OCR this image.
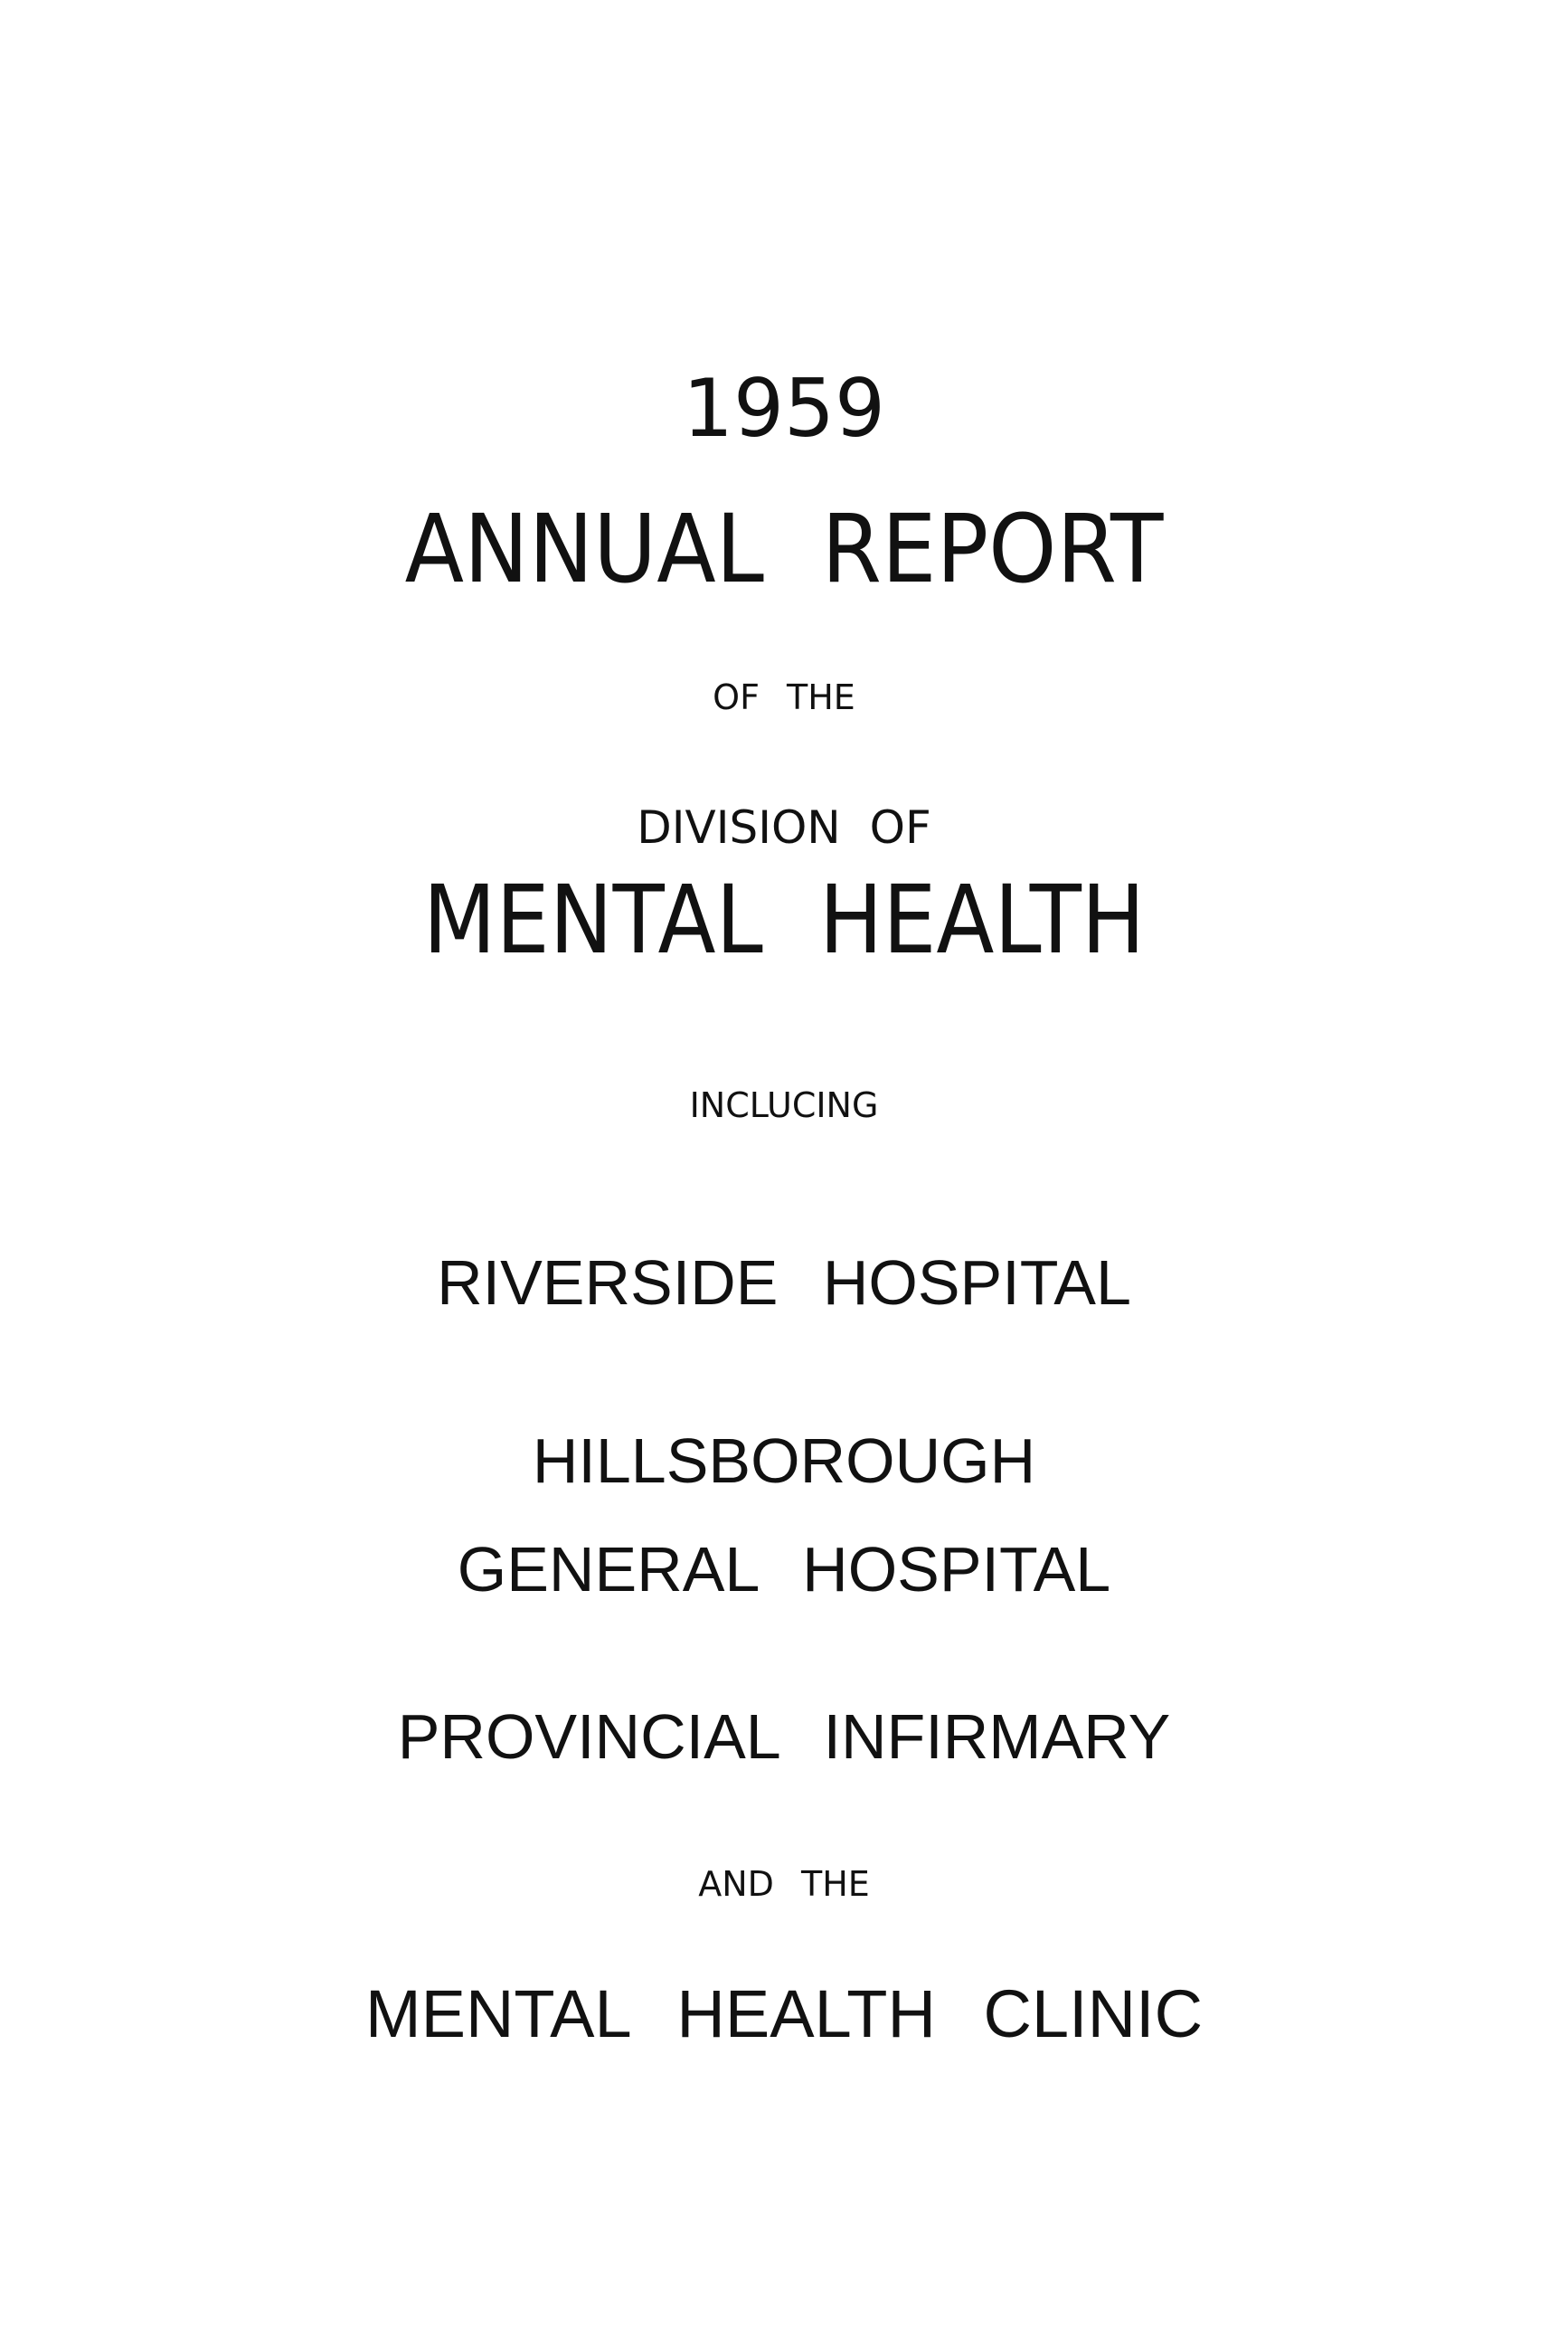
1959
ANNUAL REPORT
OF THE
DIVISION OF
MENTAL HEALTH
INCLUCING
RIVERSIDE HOSPITAL
HILLSBOROUGH
GENERAL HOSPITAL
PROVINCIAL INFIRMARY
AND THE
MENTAL HEALTH CLINIC
